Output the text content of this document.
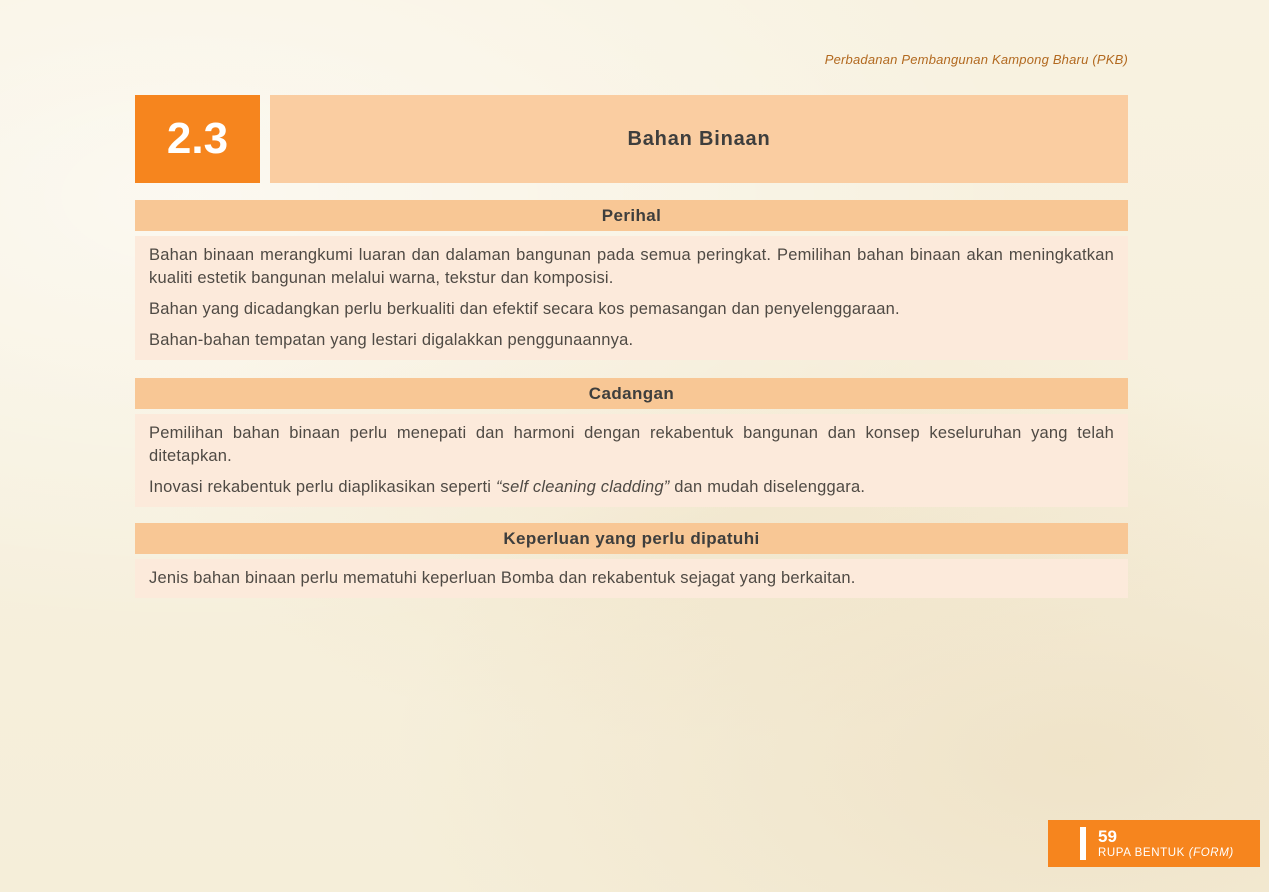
Perbadanan Pembangunan Kampong Bharu (PKB)
2.3	Bahan Binaan
Perihal

Bahan binaan merangkumi luaran dan dalaman bangunan pada semua peringkat. Pemilihan bahan binaan akan meningkatkan kualiti estetik bangunan melalui warna, tekstur dan komposisi.

Bahan yang dicadangkan perlu berkualiti dan efektif secara kos pemasangan dan penyelenggaraan.

Bahan-bahan tempatan yang lestari digalakkan penggunaannya.

Cadangan

Pemilihan bahan binaan perlu menepati dan harmoni dengan rekabentuk bangunan dan konsep keseluruhan yang telah ditetapkan.

Inovasi rekabentuk perlu diaplikasikan seperti “self cleaning cladding” dan mudah diselenggara.

Keperluan yang perlu dipatuhi

Jenis bahan binaan perlu mematuhi keperluan Bomba dan rekabentuk sejagat yang berkaitan.

59
RUPA BENTUK (FORM)
